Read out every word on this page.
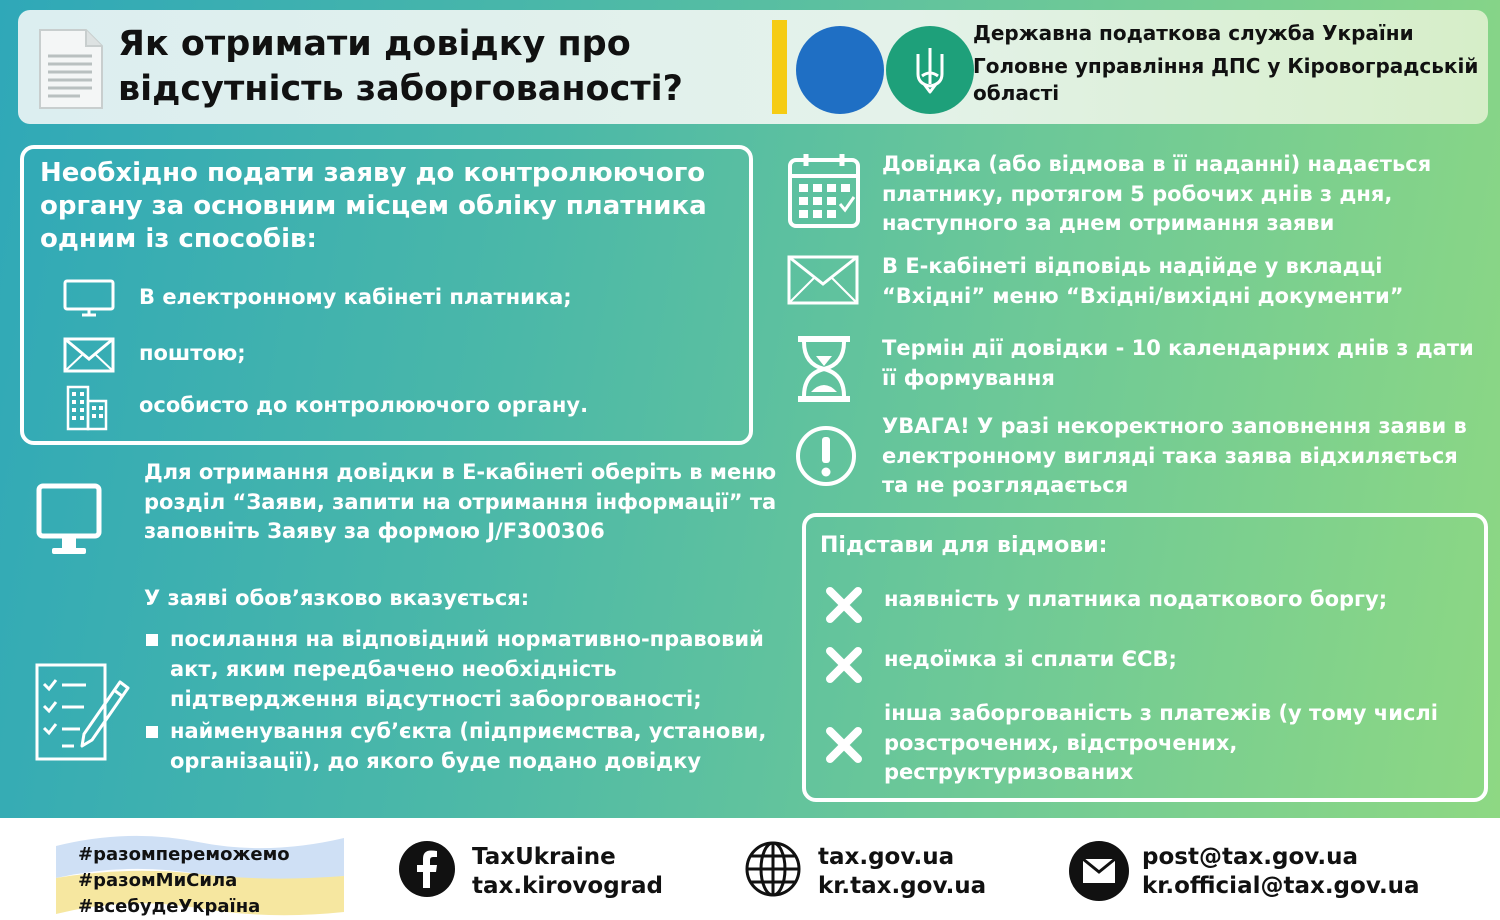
Як отримати довідку про відсутність заборгованості?
Державна податкова служба України
Головне управління ДПС у Кіровоградській області
Необхідно подати заяву до контролюючого органу за основним місцем обліку платника одним із способів:
В електронному кабінеті платника;
поштою;
особисто до контролюючого органу.
Для отримання довідки в Е-кабінеті оберіть в меню розділ “Заяви, запити на отримання інформації” та заповніть Заяву за формою J/F300306
У заяві обов’язково вказується:
посилання на відповідний нормативно-правовий акт, яким передбачено необхідність підтвердження відсутності заборгованості;
найменування суб’єкта (підприємства, установи, організації), до якого буде подано довідку
Довідка (або відмова в її наданні) надається платнику, протягом 5 робочих днів з дня, наступного за днем отримання заяви
В Е-кабінеті відповідь надійде у вкладці “Вхідні” меню “Вхідні/вихідні документи”
Термін дії довідки - 10 календарних днів з дати її формування
УВАГА! У разі некоректного заповнення заяви в електронному вигляді така заява відхиляється та не розглядається
Підстави для відмови:
наявність у платника податкового боргу;
недоїмка зі сплати ЄСВ;
інша заборгованість з платежів (у тому числі розстрочених, відстрочених, реструктуризованих
#разомпереможемо
#разомМиСила
#всебудеУкраїна
TaxUkraine
tax.kirovograd
tax.gov.ua
kr.tax.gov.ua
post@tax.gov.ua
kr.official@tax.gov.ua
